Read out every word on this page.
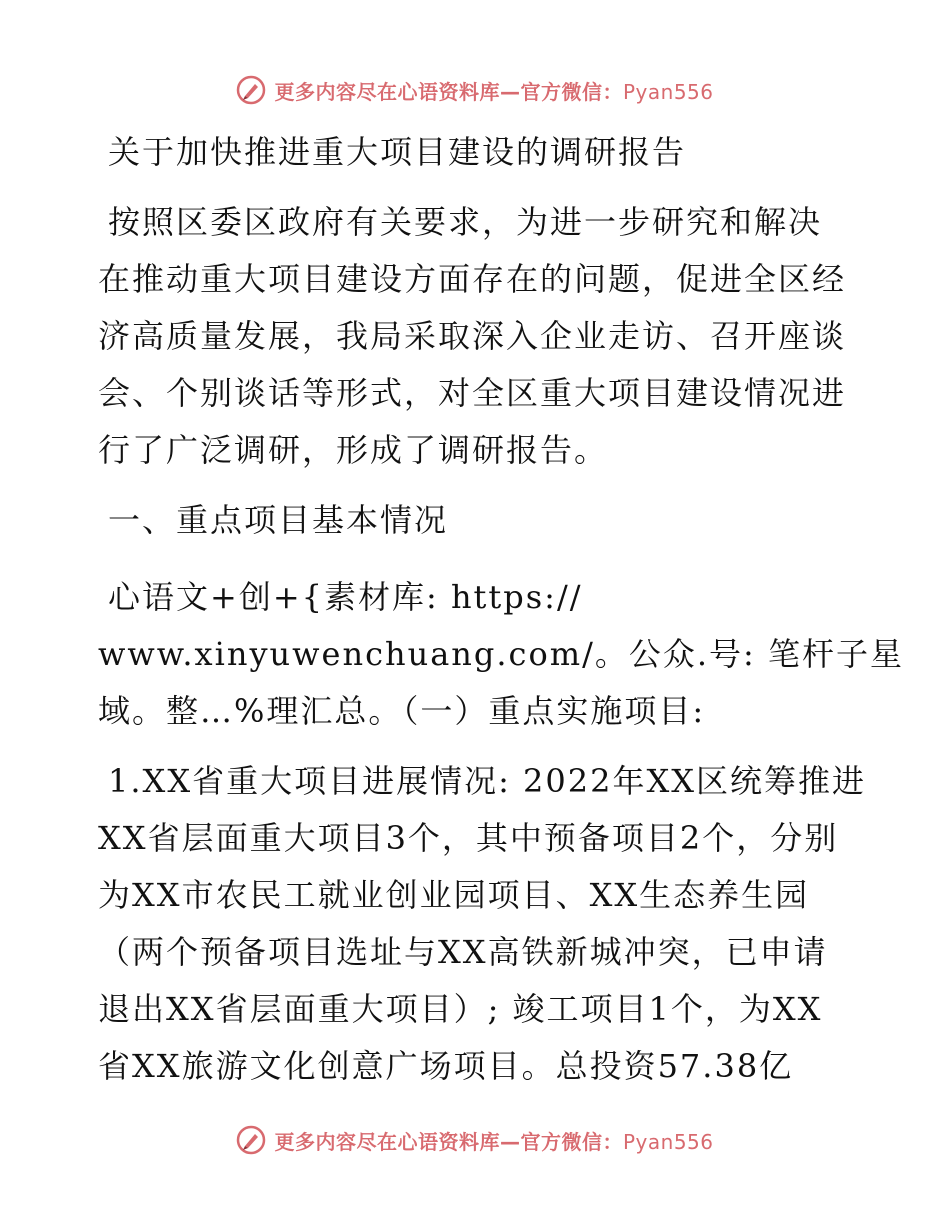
更多内容尽在心语资料库—官方微信：Pyan556
关于加快推进重大项目建设的调研报告
按照区委区政府有关要求，为进一步研究和解决
在推动重大项目建设方面存在的问题，促进全区经
济高质量发展，我局采取深入企业走访、召开座谈
会、个别谈话等形式，对全区重大项目建设情况进
行了广泛调研，形成了调研报告。
一、重点项目基本情况
心语文+创+{素材库: https://
www.xinyuwenchuang.com/。公众.号: 笔杆子星
域。整…%理汇总。（一）重点实施项目:
1.XX省重大项目进展情况: 2022年XX区统筹推进
XX省层面重大项目3个，其中预备项目2个，分别
为XX市农民工就业创业园项目、XX生态养生园
（两个预备项目选址与XX高铁新城冲突，已申请
退出XX省层面重大项目）; 竣工项目1个，为XX
省XX旅游文化创意广场项目。总投资57.38亿
更多内容尽在心语资料库—官方微信：Pyan556
